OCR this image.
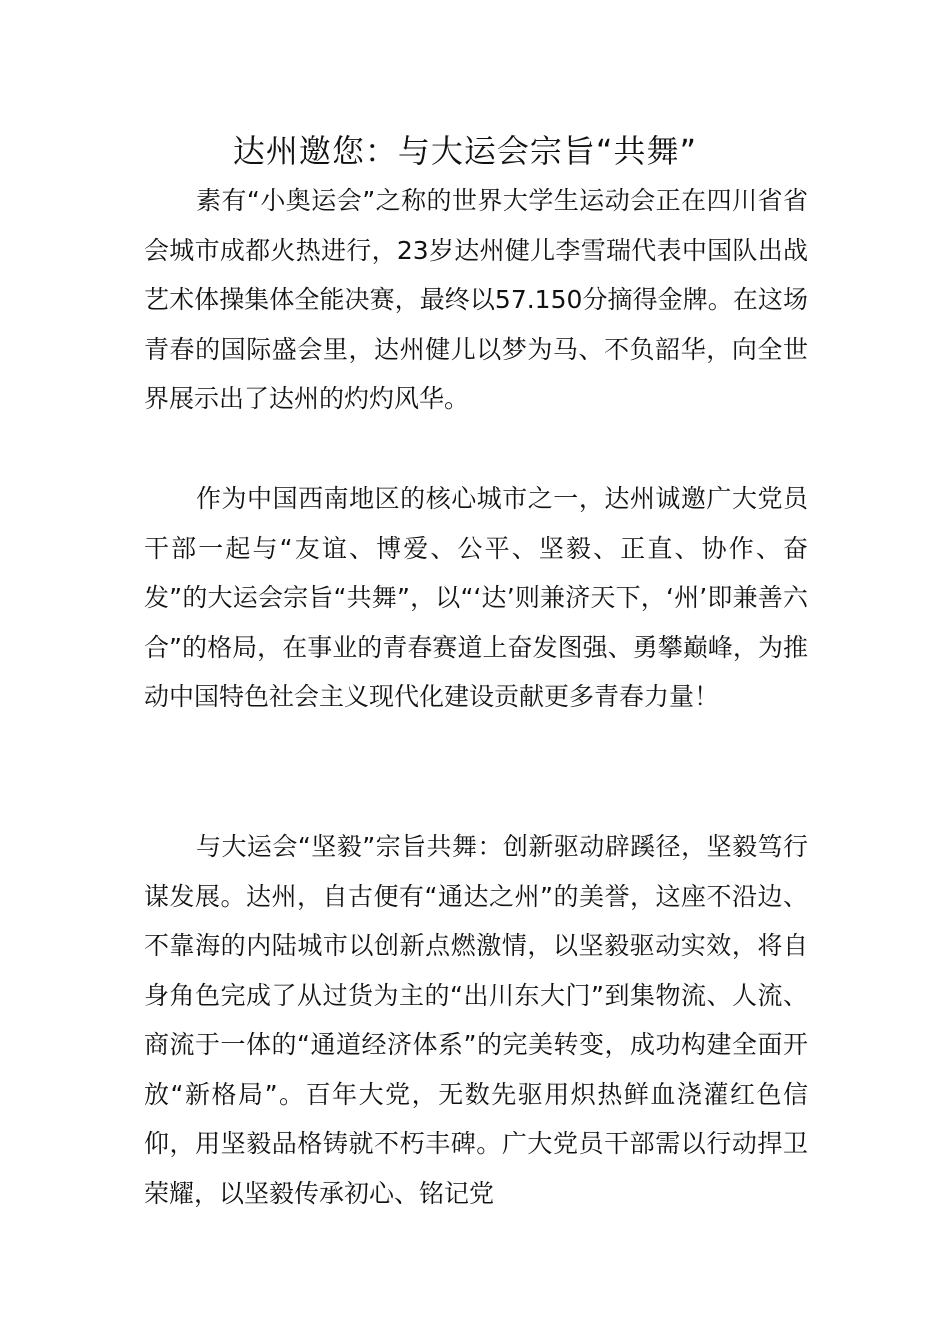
达州邀您：与大运会宗旨“共舞”

素有“小奥运会”之称的世界大学生运动会正在四川省省会城市成都火热进行，23岁达州健儿李雪瑞代表中国队出战艺术体操集体全能决赛，最终以57.150分摘得金牌。在这场青春的国际盛会里，达州健儿以梦为马、不负韶华，向全世界展示出了达州的灼灼风华。

作为中国西南地区的核心城市之一，达州诚邀广大党员干部一起与“友谊、博爱、公平、坚毅、正直、协作、奋发”的大运会宗旨“共舞”，以“‘达’则兼济天下，‘州’即兼善六合”的格局，在事业的青春赛道上奋发图强、勇攀巅峰，为推动中国特色社会主义现代化建设贡献更多青春力量！

与大运会“坚毅”宗旨共舞：创新驱动辟蹊径，坚毅笃行谋发展。达州，自古便有“通达之州”的美誉，这座不沿边、不靠海的内陆城市以创新点燃激情，以坚毅驱动实效，将自身角色完成了从过货为主的“出川东大门”到集物流、人流、商流于一体的“通道经济体系”的完美转变，成功构建全面开放“新格局”。百年大党，无数先驱用炽热鲜血浇灌红色信仰，用坚毅品格铸就不朽丰碑。广大党员干部需以行动捍卫荣耀，以坚毅传承初心、铭记党
